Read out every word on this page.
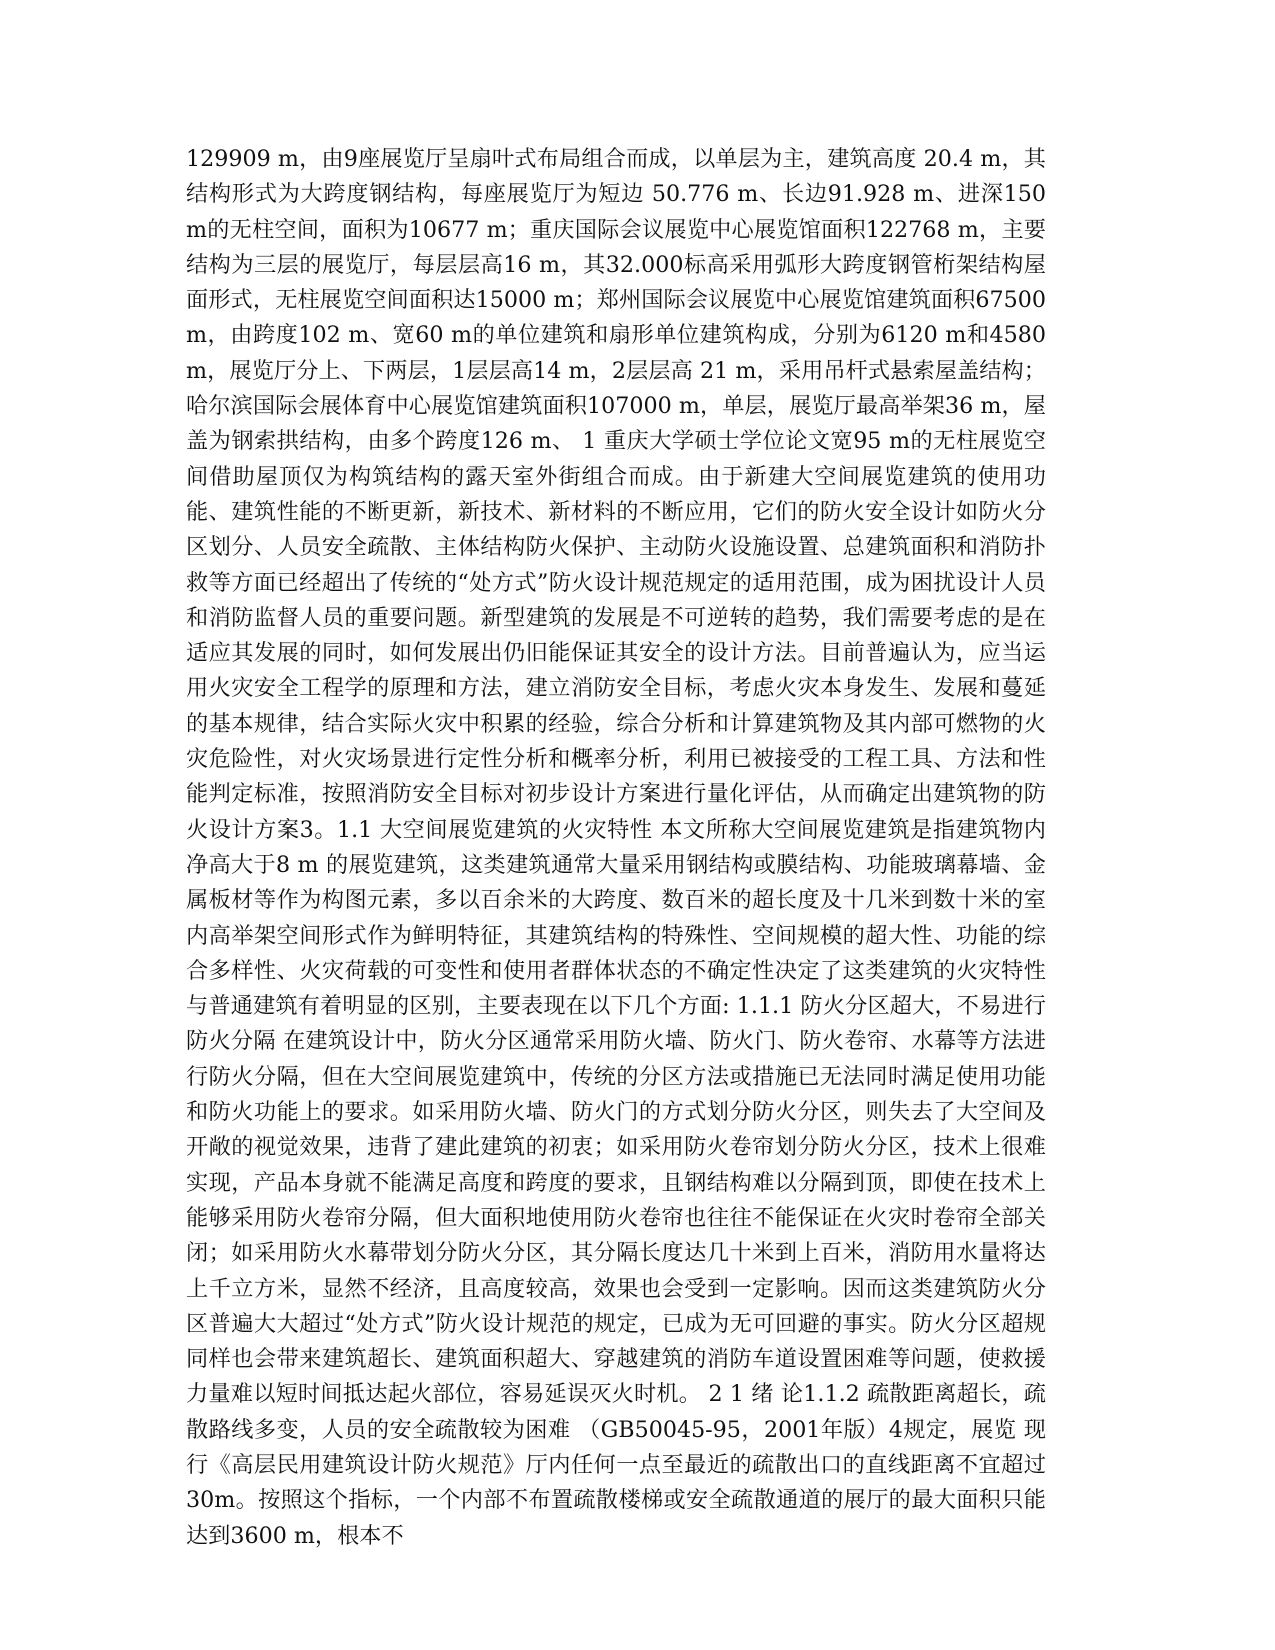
129909 m，由9座展览厅呈扇叶式布局组合而成，以单层为主，建筑高度 20.4 m，其结构形式为大跨度钢结构，每座展览厅为短边 50.776 m、长边91.928 m、进深150 m的无柱空间，面积为10677 m；重庆国际会议展览中心展览馆面积122768 m，主要结构为三层的展览厅，每层层高16 m，其32.000标高采用弧形大跨度钢管桁架结构屋面形式，无柱展览空间面积达15000 m；郑州国际会议展览中心展览馆建筑面积67500 m，由跨度102 m、宽60 m的单位建筑和扇形单位建筑构成，分别为6120 m和4580 m，展览厅分上、下两层，1层层高14 m，2层层高 21 m，采用吊杆式悬索屋盖结构；哈尔滨国际会展体育中心展览馆建筑面积107000 m，单层，展览厅最高举架36 m，屋盖为钢索拱结构，由多个跨度126 m、 1 重庆大学硕士学位论文宽95 m的无柱展览空间借助屋顶仅为构筑结构的露天室外街组合而成。由于新建大空间展览建筑的使用功能、建筑性能的不断更新，新技术、新材料的不断应用，它们的防火安全设计如防火分区划分、人员安全疏散、主体结构防火保护、主动防火设施设置、总建筑面积和消防扑救等方面已经超出了传统的“处方式”防火设计规范规定的适用范围，成为困扰设计人员和消防监督人员的重要问题。新型建筑的发展是不可逆转的趋势，我们需要考虑的是在适应其发展的同时，如何发展出仍旧能保证其安全的设计方法。目前普遍认为，应当运用火灾安全工程学的原理和方法，建立消防安全目标，考虑火灾本身发生、发展和蔓延的基本规律，结合实际火灾中积累的经验，综合分析和计算建筑物及其内部可燃物的火灾危险性，对火灾场景进行定性分析和概率分析，利用已被接受的工程工具、方法和性能判定标准，按照消防安全目标对初步设计方案进行量化评估，从而确定出建筑物的防火设计方案3。1.1 大空间展览建筑的火灾特性 本文所称大空间展览建筑是指建筑物内净高大于8 m 的展览建筑，这类建筑通常大量采用钢结构或膜结构、功能玻璃幕墙、金属板材等作为构图元素，多以百余米的大跨度、数百米的超长度及十几米到数十米的室内高举架空间形式作为鲜明特征，其建筑结构的特殊性、空间规模的超大性、功能的综合多样性、火灾荷载的可变性和使用者群体状态的不确定性决定了这类建筑的火灾特性与普通建筑有着明显的区别，主要表现在以下几个方面: 1.1.1 防火分区超大，不易进行防火分隔 在建筑设计中，防火分区通常采用防火墙、防火门、防火卷帘、水幕等方法进行防火分隔，但在大空间展览建筑中，传统的分区方法或措施已无法同时满足使用功能和防火功能上的要求。如采用防火墙、防火门的方式划分防火分区，则失去了大空间及开敞的视觉效果，违背了建此建筑的初衷；如采用防火卷帘划分防火分区，技术上很难实现，产品本身就不能满足高度和跨度的要求，且钢结构难以分隔到顶，即使在技术上能够采用防火卷帘分隔，但大面积地使用防火卷帘也往往不能保证在火灾时卷帘全部关闭；如采用防火水幕带划分防火分区，其分隔长度达几十米到上百米，消防用水量将达上千立方米，显然不经济，且高度较高，效果也会受到一定影响。因而这类建筑防火分区普遍大大超过“处方式”防火设计规范的规定，已成为无可回避的事实。防火分区超规同样也会带来建筑超长、建筑面积超大、穿越建筑的消防车道设置困难等问题，使救援力量难以短时间抵达起火部位，容易延误灭火时机。 2 1 绪 论1.1.2 疏散距离超长，疏散路线多变，人员的安全疏散较为困难 （GB50045-95，2001年版）4规定，展览 现行《高层民用建筑设计防火规范》厅内任何一点至最近的疏散出口的直线距离不宜超过 30m。按照这个指标，一个内部不布置疏散楼梯或安全疏散通道的展厅的最大面积只能达到3600 m，根本不
